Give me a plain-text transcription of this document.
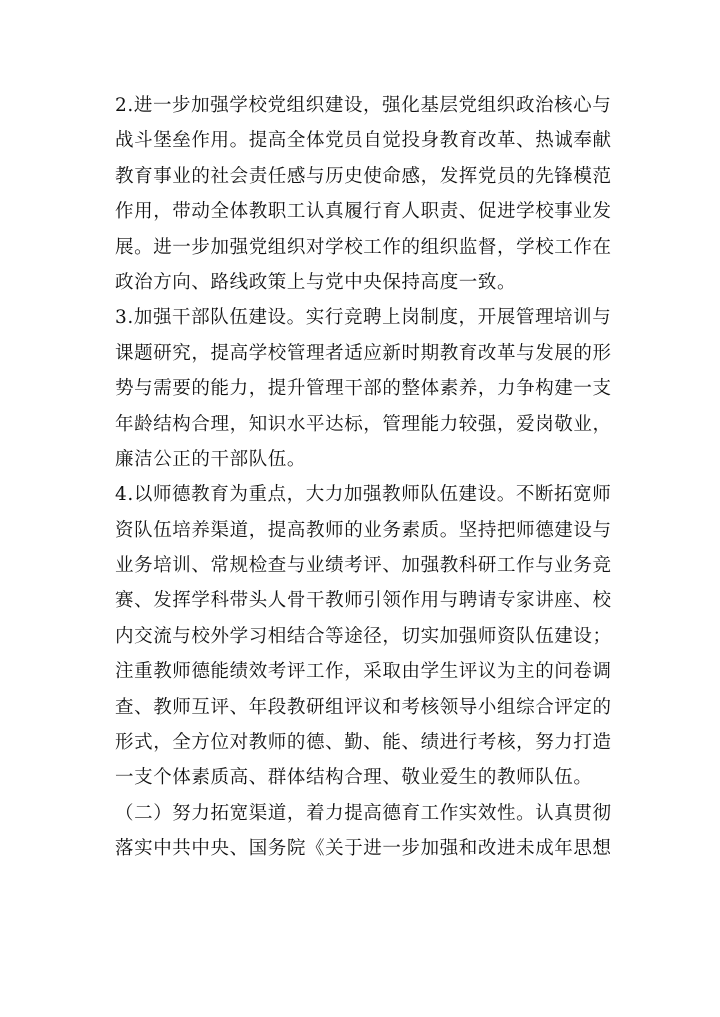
2.进一步加强学校党组织建设，强化基层党组织政治核心与
战斗堡垒作用。提高全体党员自觉投身教育改革、热诚奉献
教育事业的社会责任感与历史使命感，发挥党员的先锋模范
作用，带动全体教职工认真履行育人职责、促进学校事业发
展。进一步加强党组织对学校工作的组织监督，学校工作在
政治方向、路线政策上与党中央保持高度一致。
3.加强干部队伍建设。实行竞聘上岗制度，开展管理培训与
课题研究，提高学校管理者适应新时期教育改革与发展的形
势与需要的能力，提升管理干部的整体素养，力争构建一支
年龄结构合理，知识水平达标，管理能力较强，爱岗敬业，
廉洁公正的干部队伍。
4.以师德教育为重点，大力加强教师队伍建设。不断拓宽师
资队伍培养渠道，提高教师的业务素质。坚持把师德建设与
业务培训、常规检查与业绩考评、加强教科研工作与业务竞
赛、发挥学科带头人骨干教师引领作用与聘请专家讲座、校
内交流与校外学习相结合等途径，切实加强师资队伍建设；
注重教师德能绩效考评工作，采取由学生评议为主的问卷调
查、教师互评、年段教研组评议和考核领导小组综合评定的
形式，全方位对教师的德、勤、能、绩进行考核，努力打造
一支个体素质高、群体结构合理、敬业爱生的教师队伍。
（二）努力拓宽渠道，着力提高德育工作实效性。认真贯彻
落实中共中央、国务院《关于进一步加强和改进未成年思想
